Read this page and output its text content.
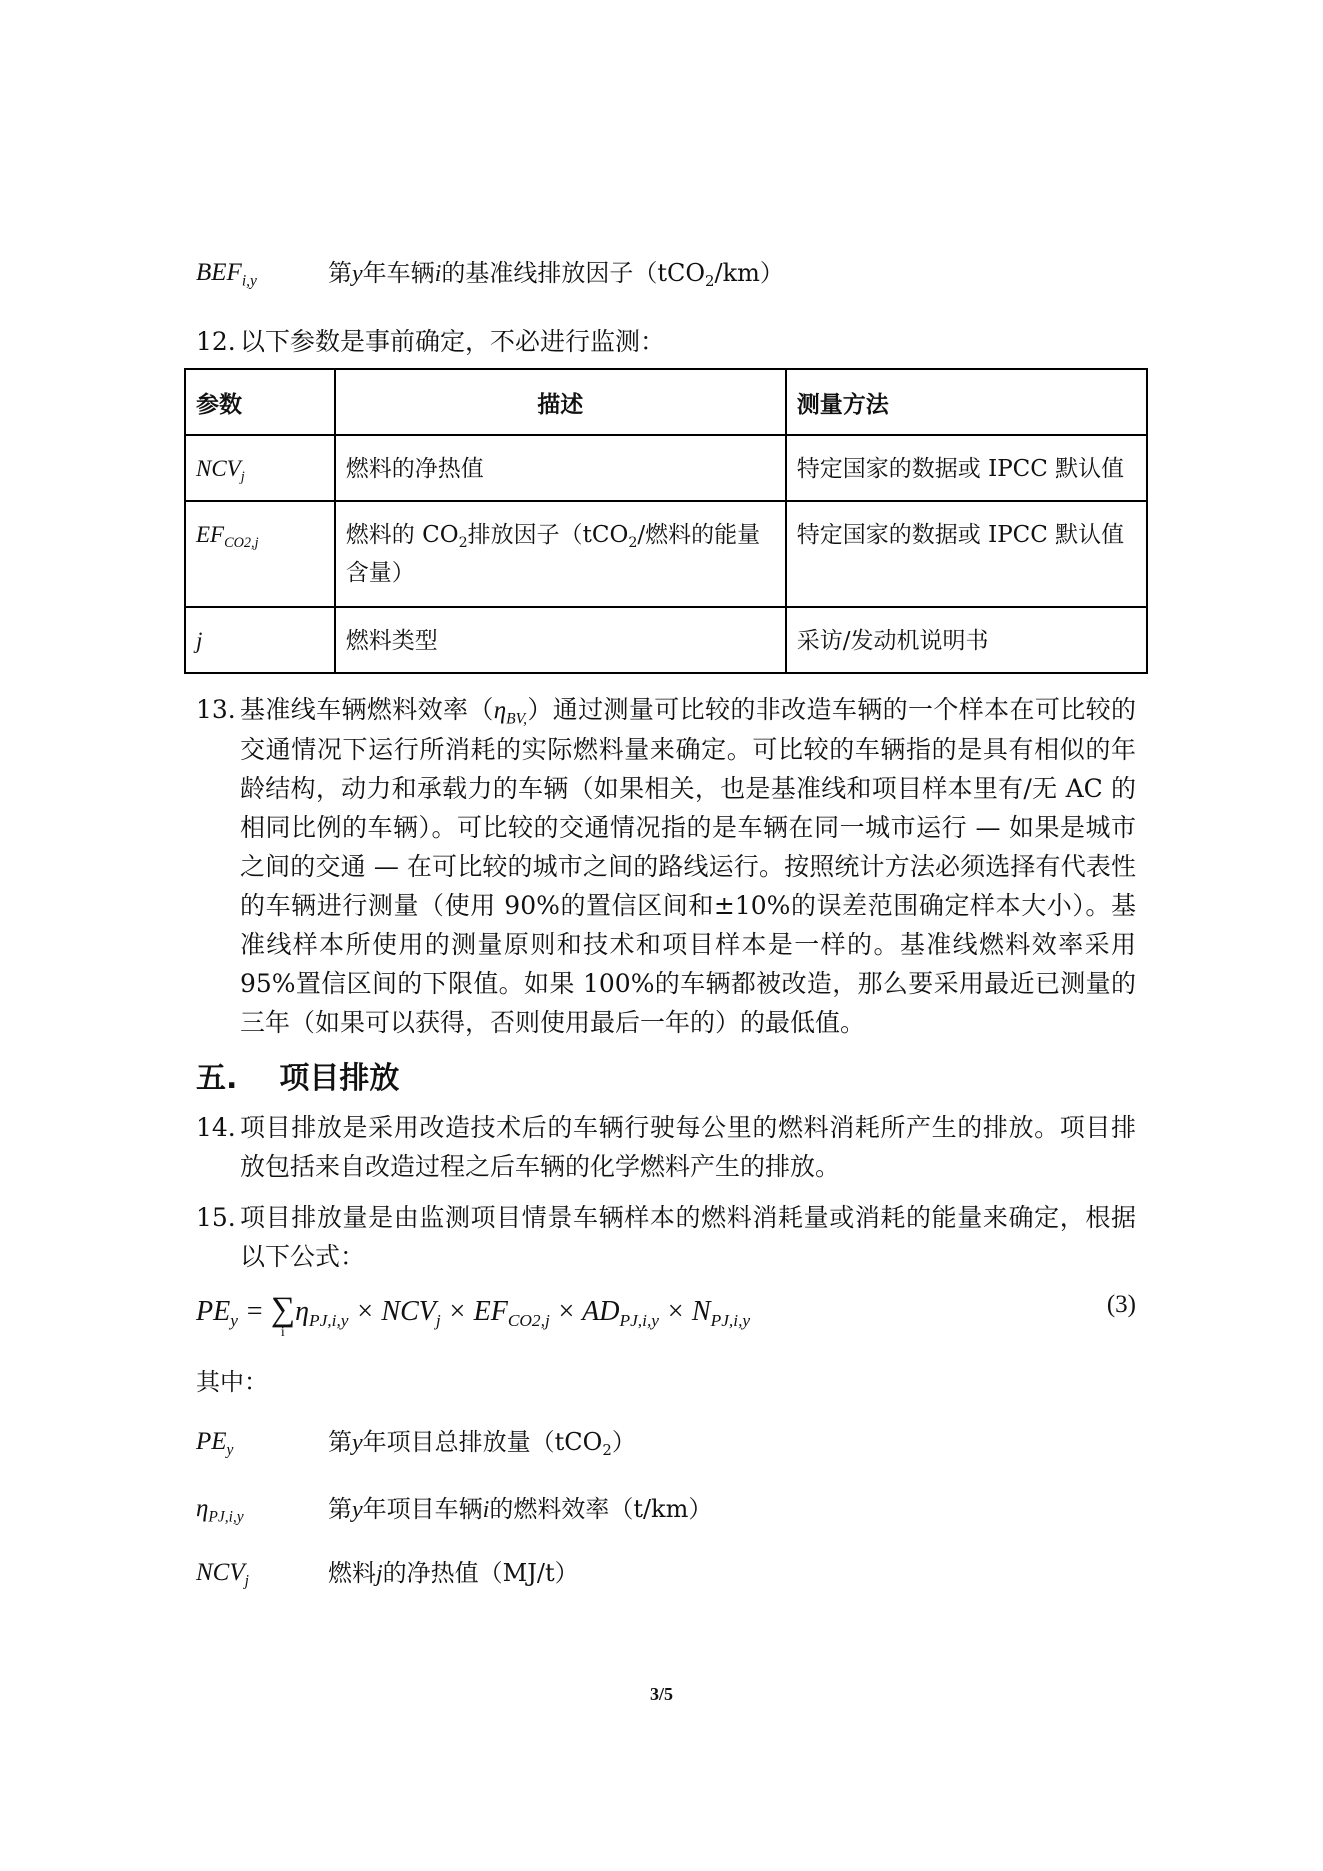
$BEF_{i,y}$	第y年车辆i的基准线排放因子（tCO$_2$/km）
12. 以下参数是事前确定，不必进行监测：
参数	描述	测量方法
$NCV_j$	燃料的净热值	特定国家的数据或 IPCC 默认值
$EF_{CO2,j}$	燃料的 $CO_2$排放因子（tCO$_2$/燃料的能量含量）	特定国家的数据或 IPCC 默认值
j	燃料类型	采访/发动机说明书
13. 基准线车辆燃料效率$(\eta_{BV,})$通过测量可比较的非改造车辆的一个样本在可比较的交通情况下运行所消耗的实际燃料量来确定。可比较的车辆指的是具有相似的年龄结构，动力和承载力的车辆（如果相关，也是基准线和项目样本里有/无 AC 的 相同比例的车辆）。可比较的交通情况指的是车辆在同一城市运行 — 如果是城市之间的交通 — 在可比较的城市之间的路线运行。按照统计方法必须选择有代表性的车辆进行测量（使用 90%的置信区间和±10%的误差范围确定样本大小）。基准线样本所使用的测量原则和技术和项目样本是一样的。基准线燃料效率采用 95%置信区间的下限值。如果 100%的车辆都被改造，那么要采用最近已测量的三年（如果可以获得，否则使用最后一年的）的最低值。
五. 项目排放
14. 项目排放是采用改造技术后的车辆行驶每公里的燃料消耗所产生的排放。项目排放包括来自改造过程之后车辆的化学燃料产生的排放。
15. 项目排放量是由监测项目情景车辆样本的燃料消耗量或消耗的能量来确定，根据以下公式：
$PE_y$ = ∑
i
$\eta_{PJ,i,y} \times NCV_j \times EF_{CO2,j} \times AD_{PJ,i,y} \times N_{PJ,i,y}$
(3)
其中：
$PE_y$	第y年项目总排放量（tCO$_2$）
$\eta_{PJ,i,y}$	第y年项目车辆i的燃料效率（t/km）
$NCV_j$	燃料j的净热值（MJ/t）
3/5
